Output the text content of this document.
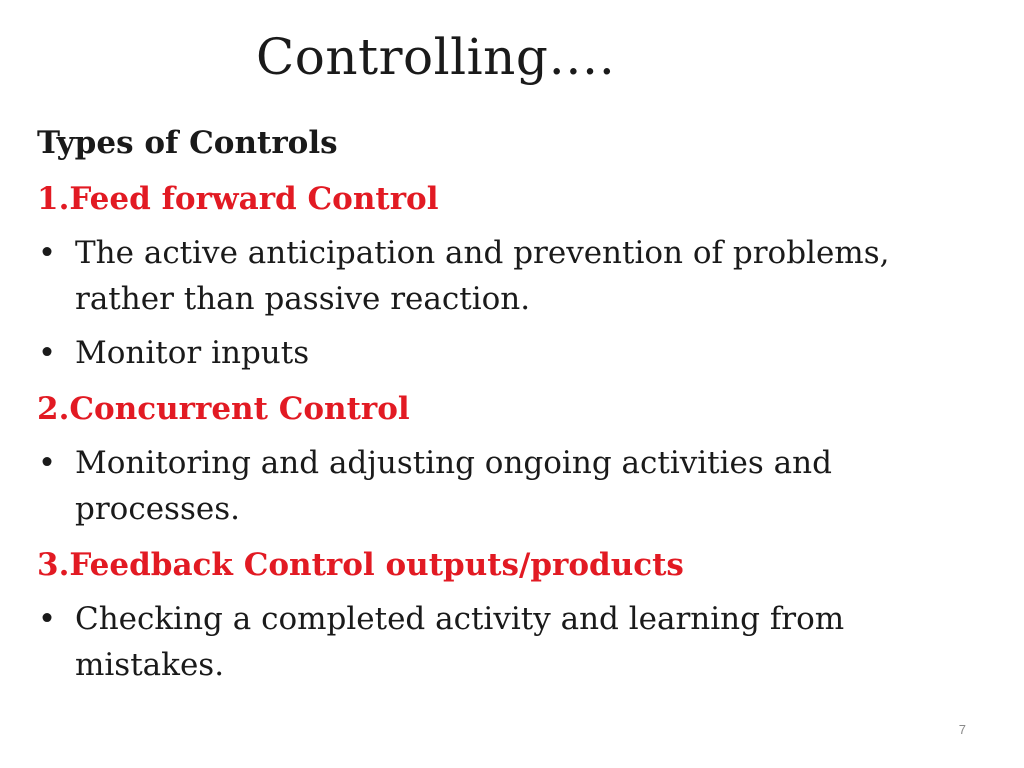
Controlling….
Types of Controls
1.Feed forward Control
• The active anticipation and prevention of problems, rather than passive reaction.
• Monitor inputs
2.Concurrent Control
• Monitoring and adjusting ongoing activities and processes.
3.Feedback Control outputs/products
• Checking a completed activity and learning from mistakes.
7
